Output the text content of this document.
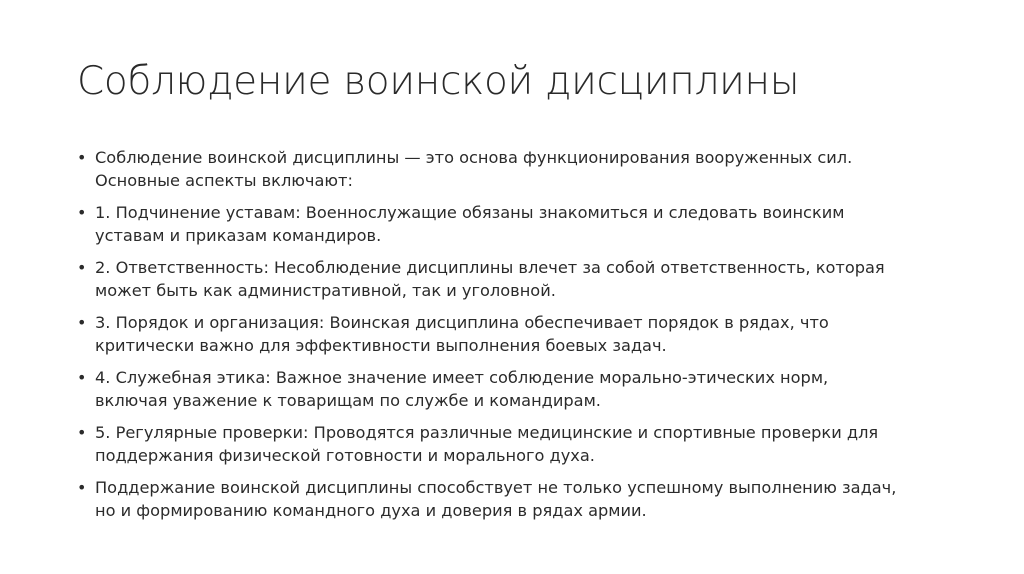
Соблюдение воинской дисциплины
• Соблюдение воинской дисциплины — это основа функционирования вооруженных сил.
Основные аспекты включают:
• 1. Подчинение уставам: Военнослужащие обязаны знакомиться и следовать воинским
уставам и приказам командиров.
• 2. Ответственность: Несоблюдение дисциплины влечет за собой ответственность, которая
может быть как административной, так и уголовной.
• 3. Порядок и организация: Воинская дисциплина обеспечивает порядок в рядах, что
критически важно для эффективности выполнения боевых задач.
• 4. Служебная этика: Важное значение имеет соблюдение морально-этических норм,
включая уважение к товарищам по службе и командирам.
• 5. Регулярные проверки: Проводятся различные медицинские и спортивные проверки для
поддержания физической готовности и морального духа.
• Поддержание воинской дисциплины способствует не только успешному выполнению задач,
но и формированию командного духа и доверия в рядах армии.
